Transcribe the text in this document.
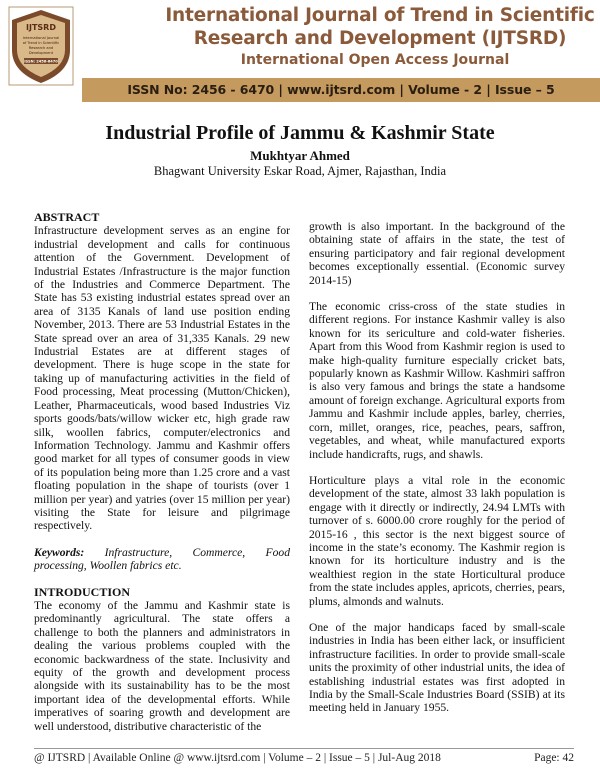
IJTSRD
International Journal
of Trend in Scientific
Research and
Development
ISSN: 2456-6470
International Journal of Trend in Scientific
Research and Development (IJTSRD)
International Open Access Journal
ISSN No: 2456 - 6470 | www.ijtsrd.com | Volume - 2 | Issue – 5
Industrial Profile of Jammu & Kashmir State
Mukhtyar Ahmed
Bhagwant University Eskar Road, Ajmer, Rajasthan, India
ABSTRACT

Infrastructure development serves as an engine for industrial development and calls for continuous attention of the Government. Development of Industrial Estates /Infrastructure is the major function of the Industries and Commerce Department. The State has 53 existing industrial estates spread over an area of 3135 Kanals of land use position ending November, 2013. There are 53 Industrial Estates in the State spread over an area of 31,335 Kanals. 29 new Industrial Estates are at different stages of development. There is huge scope in the state for taking up of manufacturing activities in the field of Food processing, Meat processing (Mutton/Chicken), Leather, Pharmaceuticals, wood based Industries Viz sports goods/bats/willow wicker etc, high grade raw silk, woollen fabrics, computer/electronics and Information Technology. Jammu and Kashmir offers good market for all types of consumer goods in view of its population being more than 1.25 crore and a vast floating population in the shape of tourists (over 1 million per year) and yatries (over 15 million per year) visiting the State for leisure and pilgrimage respectively.

Keywords: Infrastructure, Commerce, Food processing, Woollen fabrics etc.

INTRODUCTION

The economy of the Jammu and Kashmir state is predominantly agricultural. The state offers a challenge to both the planners and administrators in dealing the various problems coupled with the economic backwardness of the state. Inclusivity and equity of the growth and development process alongside with its sustainability has to be the most important idea of the developmental efforts. While imperatives of soaring growth and development are well understood, distributive characteristic of the

growth is also important. In the background of the obtaining state of affairs in the state, the test of ensuring participatory and fair regional development becomes exceptionally essential. (Economic survey 2014-15)

The economic criss-cross of the state studies in different regions. For instance Kashmir valley is also known for its sericulture and cold-water fisheries. Apart from this Wood from Kashmir region is used to make high-quality furniture especially cricket bats, popularly known as Kashmir Willow. Kashmiri saffron is also very famous and brings the state a handsome amount of foreign exchange. Agricultural exports from Jammu and Kashmir include apples, barley, cherries, corn, millet, oranges, rice, peaches, pears, saffron, vegetables, and wheat, while manufactured exports include handicrafts, rugs, and shawls.

Horticulture plays a vital role in the economic development of the state, almost 33 lakh population is engage with it directly or indirectly, 24.94 LMTs with turnover of s. 6000.00 crore roughly for the period of 2015-16 , this sector is the next biggest source of income in the state’s economy. The Kashmir region is known for its horticulture industry and is the wealthiest region in the state Horticultural produce from the state includes apples, apricots, cherries, pears, plums, almonds and walnuts.

One of the major handicaps faced by small-scale industries in India has been either lack, or insufficient infrastructure facilities. In order to provide small-scale units the proximity of other industrial units, the idea of establishing industrial estates was first adopted in India by the Small-Scale Industries Board (SSIB) at its meeting held in January 1955.

@ IJTSRD | Available Online @ www.ijtsrd.com | Volume – 2 | Issue – 5 | Jul-Aug 2018	Page: 42
